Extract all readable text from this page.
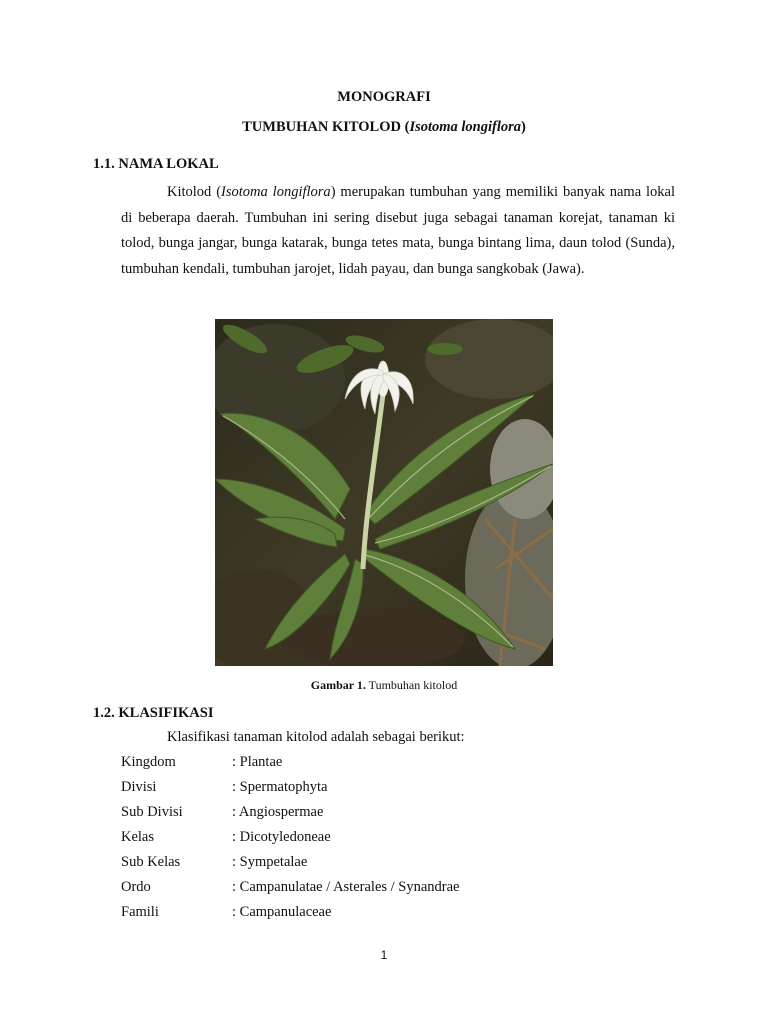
MONOGRAFI
TUMBUHAN KITOLOD (Isotoma longiflora)
1.1. NAMA LOKAL
Kitolod (Isotoma longiflora) merupakan tumbuhan yang memiliki banyak nama lokal di beberapa daerah. Tumbuhan ini sering disebut juga sebagai tanaman korejat, tanaman ki tolod, bunga jangar, bunga katarak, bunga tetes mata, bunga bintang lima, daun tolod (Sunda), tumbuhan kendali, tumbuhan jarojet, lidah payau, dan bunga sangkobak (Jawa).
Gambar 1. Tumbuhan kitolod
1.2. KLASIFIKASI
Klasifikasi tanaman kitolod adalah sebagai berikut:
Kingdom	: Plantae
Divisi	: Spermatophyta
Sub Divisi	: Angiospermae
Kelas	: Dicotyledoneae
Sub Kelas	: Sympetalae
Ordo	: Campanulatae / Asterales / Synandrae
Famili	: Campanulaceae
1
